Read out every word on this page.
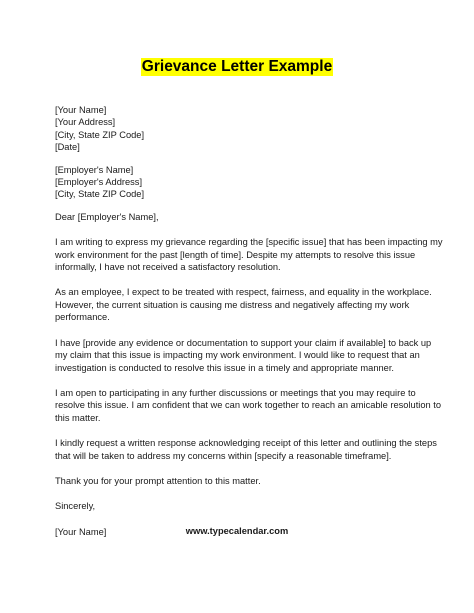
Grievance Letter Example
[Your Name]
[Your Address]
[City, State ZIP Code]
[Date]
[Employer's Name]
[Employer's Address]
[City, State ZIP Code]
Dear [Employer's Name],
I am writing to express my grievance regarding the [specific issue] that has been impacting my
work environment for the past [length of time]. Despite my attempts to resolve this issue
informally, I have not received a satisfactory resolution.
As an employee, I expect to be treated with respect, fairness, and equality in the workplace.
However, the current situation is causing me distress and negatively affecting my work
performance.
I have [provide any evidence or documentation to support your claim if available] to back up
my claim that this issue is impacting my work environment. I would like to request that an
investigation is conducted to resolve this issue in a timely and appropriate manner.
I am open to participating in any further discussions or meetings that you may require to
resolve this issue. I am confident that we can work together to reach an amicable resolution to
this matter.
I kindly request a written response acknowledging receipt of this letter and outlining the steps
that will be taken to address my concerns within [specify a reasonable timeframe].
Thank you for your prompt attention to this matter.
Sincerely,
[Your Name]	www.typecalendar.com
